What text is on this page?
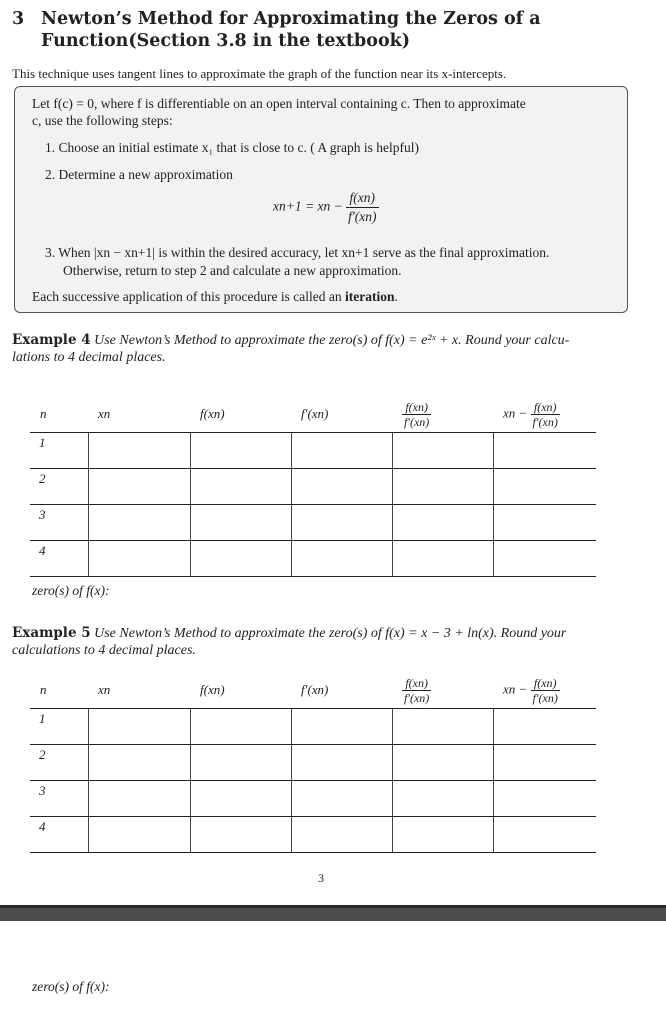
3 Newton’s Method for Approximating the Zeros of a Function(Section 3.8 in the textbook)
This technique uses tangent lines to approximate the graph of the function near its x-intercepts.

Let f(c) = 0, where f is differentiable on an open interval containing c. Then to approximate

c, use the following steps:

1. Choose an initial estimate x₁ that is close to c. ( A graph is helpful)

2. Determine a new approximation

xn+1 = xn − $\frac{f(xn)}{f'(xn)}$

3. When |xn − xn+1| is within the desired accuracy, let xn+1 serve as the final approximation.

Otherwise, return to step 2 and calculate a new approximation.

Each successive application of this procedure is called an iteration.

Example 4 Use Newton’s Method to approximate the zero(s) of f(x) = e²ˣ + x. Round your calcu-
lations to 4 decimal places.
n	xn	f(xn)	f′(xn)	$\frac{f(xn)}{f'(xn)}$	xn − $\frac{f(xn)}{f'(xn)}$

1					
2					
3					
4					
zero(s) of f(x):
Example 5 Use Newton’s Method to approximate the zero(s) of f(x) = x − 3 + ln(x). Round your
calculations to 4 decimal places.
n	xn	f(xn)	f′(xn)	$\frac{f(xn)}{f'(xn)}$	xn − $\frac{f(xn)}{f'(xn)}$

1					
2					
3					
4					
3
zero(s) of f(x):
